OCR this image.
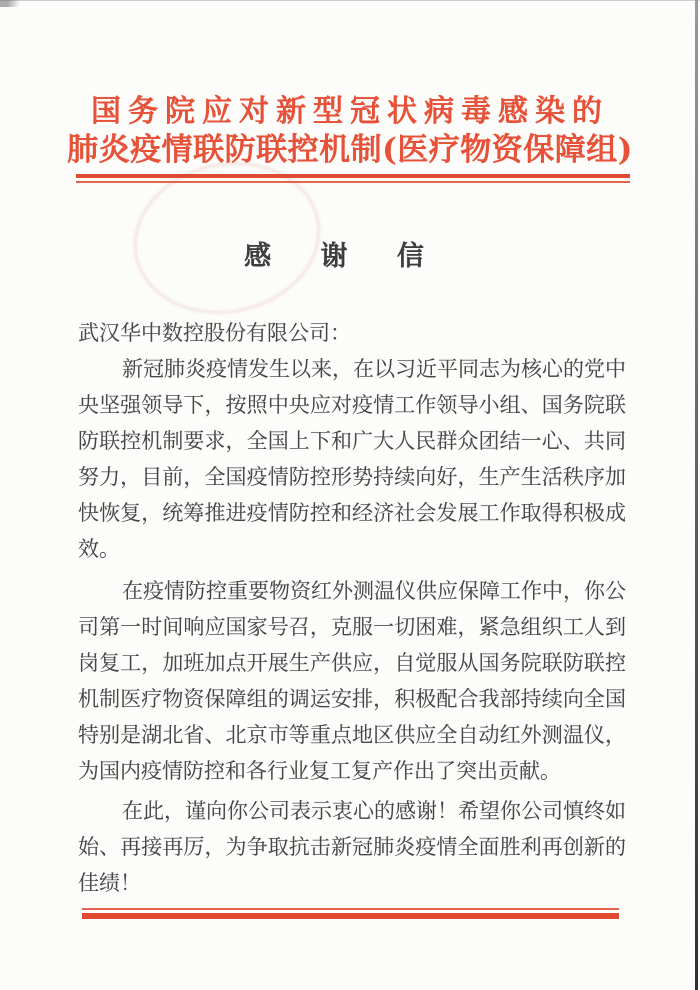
国务院应对新型冠状病毒感染的
肺炎疫情联防联控机制(医疗物资保障组)
感 谢 信
武汉华中数控股份有限公司：
新冠肺炎疫情发生以来，在以习近平同志为核心的党中
央坚强领导下，按照中央应对疫情工作领导小组、国务院联
防联控机制要求，全国上下和广大人民群众团结一心、共同
努力，目前，全国疫情防控形势持续向好，生产生活秩序加
快恢复，统筹推进疫情防控和经济社会发展工作取得积极成
效。
在疫情防控重要物资红外测温仪供应保障工作中，你公
司第一时间响应国家号召，克服一切困难，紧急组织工人到
岗复工，加班加点开展生产供应，自觉服从国务院联防联控
机制医疗物资保障组的调运安排，积极配合我部持续向全国
特别是湖北省、北京市等重点地区供应全自动红外测温仪，
为国内疫情防控和各行业复工复产作出了突出贡献。
在此，谨向你公司表示衷心的感谢！希望你公司慎终如
始、再接再厉，为争取抗击新冠肺炎疫情全面胜利再创新的
佳绩！
